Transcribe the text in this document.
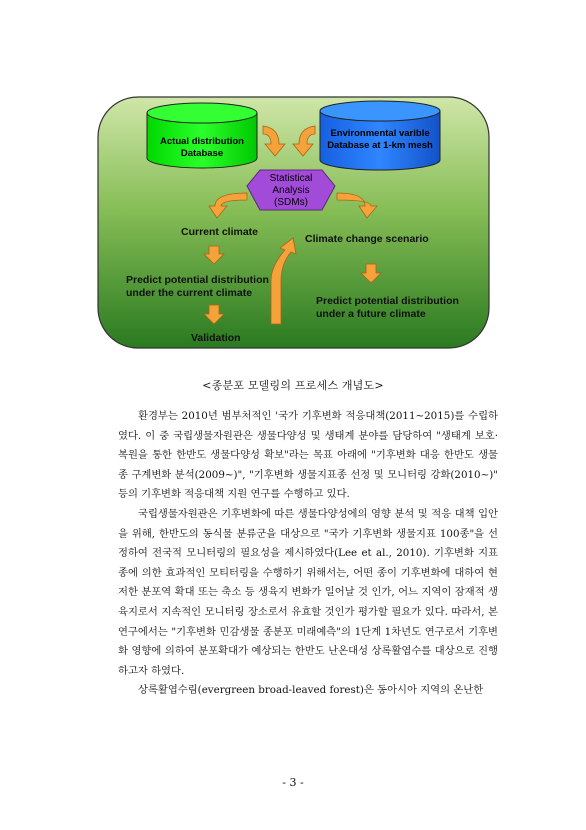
Actual distribution
Database
Environmental varible
Database at 1-km mesh
Statistical
Analysis
(SDMs)
Current climate
Climate change scenario
Predict potential distribution
under the current climate
Predict potential distribution
under a future climate
Validation
<종분포 모델링의 프로세스 개념도>

환경부는 2010년 범부처적인 '국가 기후변화 적응대책(2011∼2015)를 수립하였다. 이 중 국립생물자원관은 생물다양성 및 생태계 분야를 담당하여 "생태계 보호·복원을 통한 한반도 생물다양성 확보"라는 목표 아래에 "기후변화 대응 한반도 생물종 구계변화 분석(2009∼)", "기후변화 생물지표종 선정 및 모니터링 강화(2010∼)" 등의 기후변화 적응대책 지원 연구를 수행하고 있다.

국립생물자원관은 기후변화에 따른 생물다양성에의 영향 분석 및 적응 대책 입안을 위해, 한반도의 동식물 분류군을 대상으로 "국가 기후변화 생물지표 100종"을 선정하여 전국적 모니터링의 필요성을 제시하였다(Lee et al., 2010). 기후변화 지표종에 의한 효과적인 모티터링을 수행하기 위해서는, 어떤 종이 기후변화에 대하여 현저한 분포역 확대 또는 축소 등 생육지 변화가 일어날 것 인가, 어느 지역이 잠재적 생육지로서 지속적인 모니터링 장소로서 유효할 것인가 평가할 필요가 있다. 따라서, 본 연구에서는 "기후변화 민감생물 종분포 미래예측"의 1단계 1차년도 연구로서 기후변화 영향에 의하여 분포확대가 예상되는 한반도 난온대성 상록활엽수를 대상으로 진행하고자 하였다.

상록활엽수림(evergreen broad-leaved forest)은 동아시아 지역의 온난한

- 3 -
